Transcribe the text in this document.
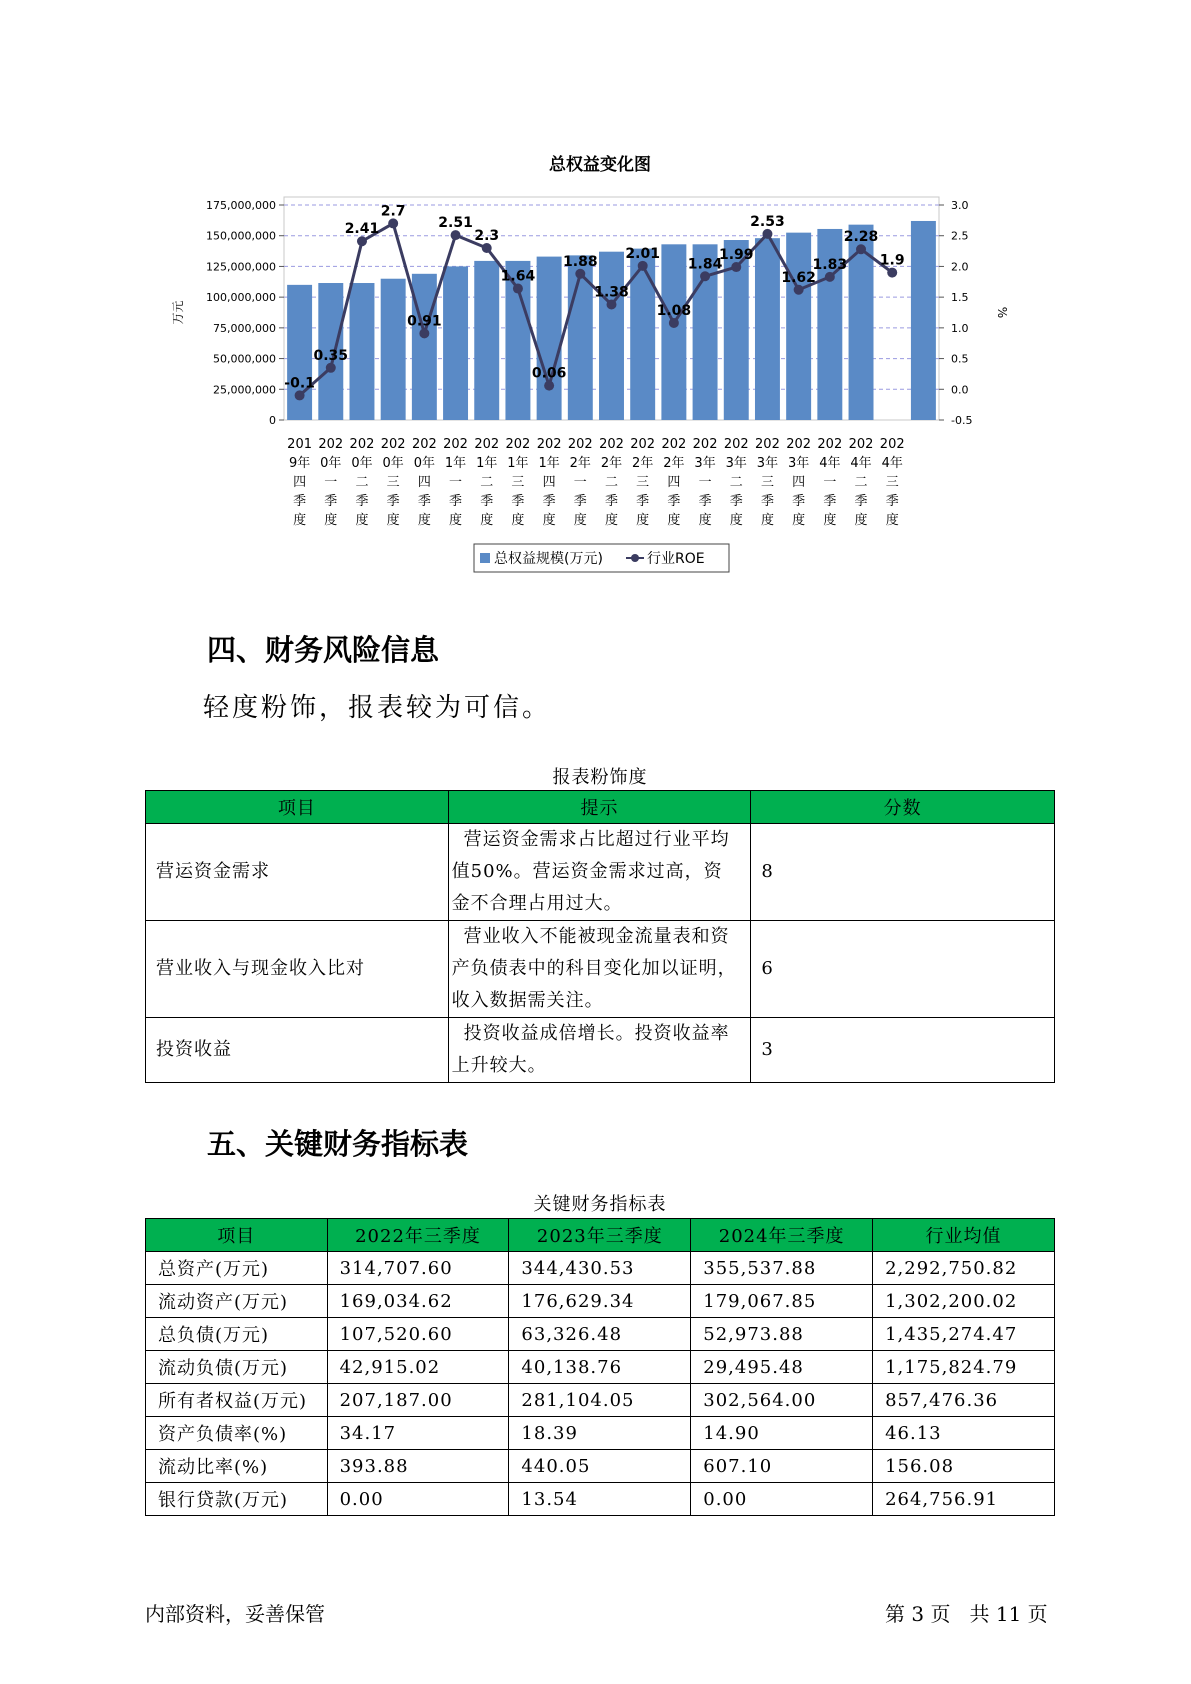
总权益变化图
0
25,000,000
50,000,000
75,000,000
100,000,000
125,000,000
150,000,000
175,000,000
-0.5
0.0
0.5
1.0
1.5
2.0
2.5
3.0
万元	%
-0.1
0.35
2.41
2.7
0.91
2.51
2.3
1.64
0.06
1.88
1.38
2.01
1.08
1.84
1.99
2.53
1.62
1.83
2.28
1.9
201 9年四季度
202 0年一季度
202 0年二季度
202 0年三季度
202 0年四季度
202 1年一季度
202 1年二季度
202 1年三季度
202 1年四季度
202 2年一季度
202 2年二季度
202 2年三季度
202 2年四季度
202 3年一季度
202 3年二季度
202 3年三季度
202 3年四季度
202 4年一季度
202 4年二季度
202 4年三季度
总权益规模(万元)	行业ROE
四、财务风险信息
轻度粉饰，报表较为可信。
报表粉饰度
项目	提示	分数
营运资金需求	营运资金需求占比超过行业平均值50%。营运资金需求过高，资金不合理占用过大。	8
营业收入与现金收入比对	营业收入不能被现金流量表和资产负债表中的科目变化加以证明，收入数据需关注。	6
投资收益	投资收益成倍增长。投资收益率上升较大。	3
五、关键财务指标表
关键财务指标表
项目	2022年三季度	2023年三季度	2024年三季度	行业均值
总资产(万元)	314,707.60	344,430.53	355,537.88	2,292,750.82
流动资产(万元)	169,034.62	176,629.34	179,067.85	1,302,200.02
总负债(万元)	107,520.60	63,326.48	52,973.88	1,435,274.47
流动负债(万元)	42,915.02	40,138.76	29,495.48	1,175,824.79
所有者权益(万元)	207,187.00	281,104.05	302,564.00	857,476.36
资产负债率(%)	34.17	18.39	14.90	46.13
流动比率(%)	393.88	440.05	607.10	156.08
银行贷款(万元)	0.00	13.54	0.00	264,756.91
内部资料，妥善保管	第 3 页   共 11 页
